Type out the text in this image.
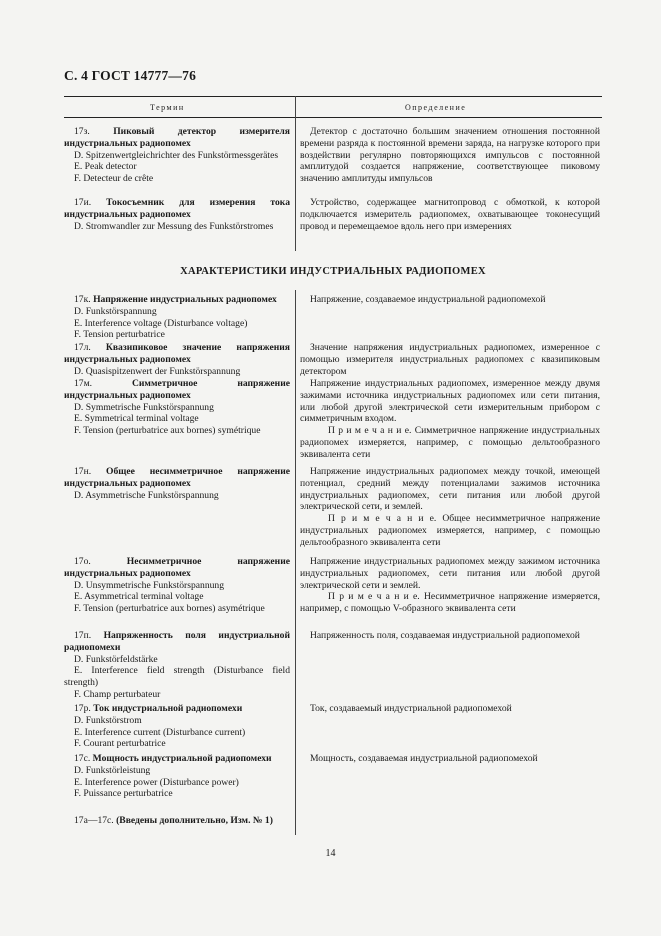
С. 4 ГОСТ 14777—76
Термин	Определение
17з. Пиковый детектор измерителя индустриальных радиопомех
D. Spitzenwertgleichrichter des Funkstörmessgerätes
E. Peak detector
F. Detecteur de crête
Детектор с достаточно большим значением отношения постоянной времени разряда к постоянной времени заряда, на нагрузке которого при воздействии регулярно повторяющихся импульсов с постоянной амплитудой создается напряжение, соответствующее пиковому значению амплитуды импульсов
17и. Токосъемник для измерения тока индустриальных радиопомех
D. Stromwandler zur Messung des Funkstörstromes
Устройство, содержащее магнитопровод с обмоткой, к которой подключается измеритель радиопомех, охватывающее токонесущий провод и перемещаемое вдоль него при измерениях
ХАРАКТЕРИСТИКИ ИНДУСТРИАЛЬНЫХ РАДИОПОМЕХ
17к. Напряжение индустриальных радиопомех
D. Funkstörspannung
E. Interference voltage (Disturbance voltage)
F. Tension perturbatrice
Напряжение, создаваемое индустриальной радиопомехой
17л. Квазипиковое значение напряжения индустриальных радиопомех
D. Quasispitzenwert der Funkstörspannung
Значение напряжения индустриальных радиопомех, измеренное с помощью измерителя индустриальных радиопомех с квазипиковым детектором
17м.	Симметричное напряжение индустриальных радиопомех
D. Symmetrische Funkstörspannung
E. Symmetrical terminal voltage
F. Tension (perturbatrice aux bornes) symétrique
Напряжение индустриальных радиопомех, измеренное между двумя зажимами источника индустриальных радиопомех или сети питания, или любой другой электрической сети измерительным прибором с симметричным входом.
П р и м е ч а н и е. Симметричное напряжение индустриальных радиопомех измеряется, например, с помощью дельтообразного эквивалента сети
17н. Общее несимметричное напряжение индустриальных радиопомех
D. Asymmetrische Funkstörspannung
Напряжение индустриальных радиопомех между точкой, имеющей потенциал, средний между потенциалами зажимов источника индустриальных радиопомех, сети питания или любой другой электрической сети, и землей.
П р и м е ч а н и е. Общее несимметричное напряжение индустриальных радиопомех измеряется, например, с помощью дельтообразного эквивалента сети
17о.	Несимметричное напряжение индустриальных радиопомех
D. Unsymmetrische Funkstörspannung
E. Asymmetrical terminal voltage
F. Tension (perturbatrice aux bornes) asymétrique
Напряжение индустриальных радиопомех между зажимом источника индустриальных радиопомех, сети питания или любой другой электрической сети и землей.
П р и м е ч а н и е. Несимметричное напряжение измеряется, например, с помощью V-образного эквивалента сети
17п. Напряженность поля индустриальной радиопомехи
D. Funkstörfeldstärke
E. Interference field strength (Disturbance field strength)
F. Champ perturbateur
Напряженность поля, создаваемая индустриальной радиопомехой
17р. Ток индустриальной радиопомехи
D. Funkstörstrom
E. Interference current (Disturbance current)
F. Courant perturbatrice
Ток, создаваемый индустриальной радиопомехой
17с. Мощность индустриальной радиопомехи
D. Funkstörleistung
E. Interference power (Disturbance power)
F. Puissance perturbatrice
Мощность, создаваемая индустриальной радиопомехой
17а—17с. (Введены дополнительно, Изм. № 1)
14
